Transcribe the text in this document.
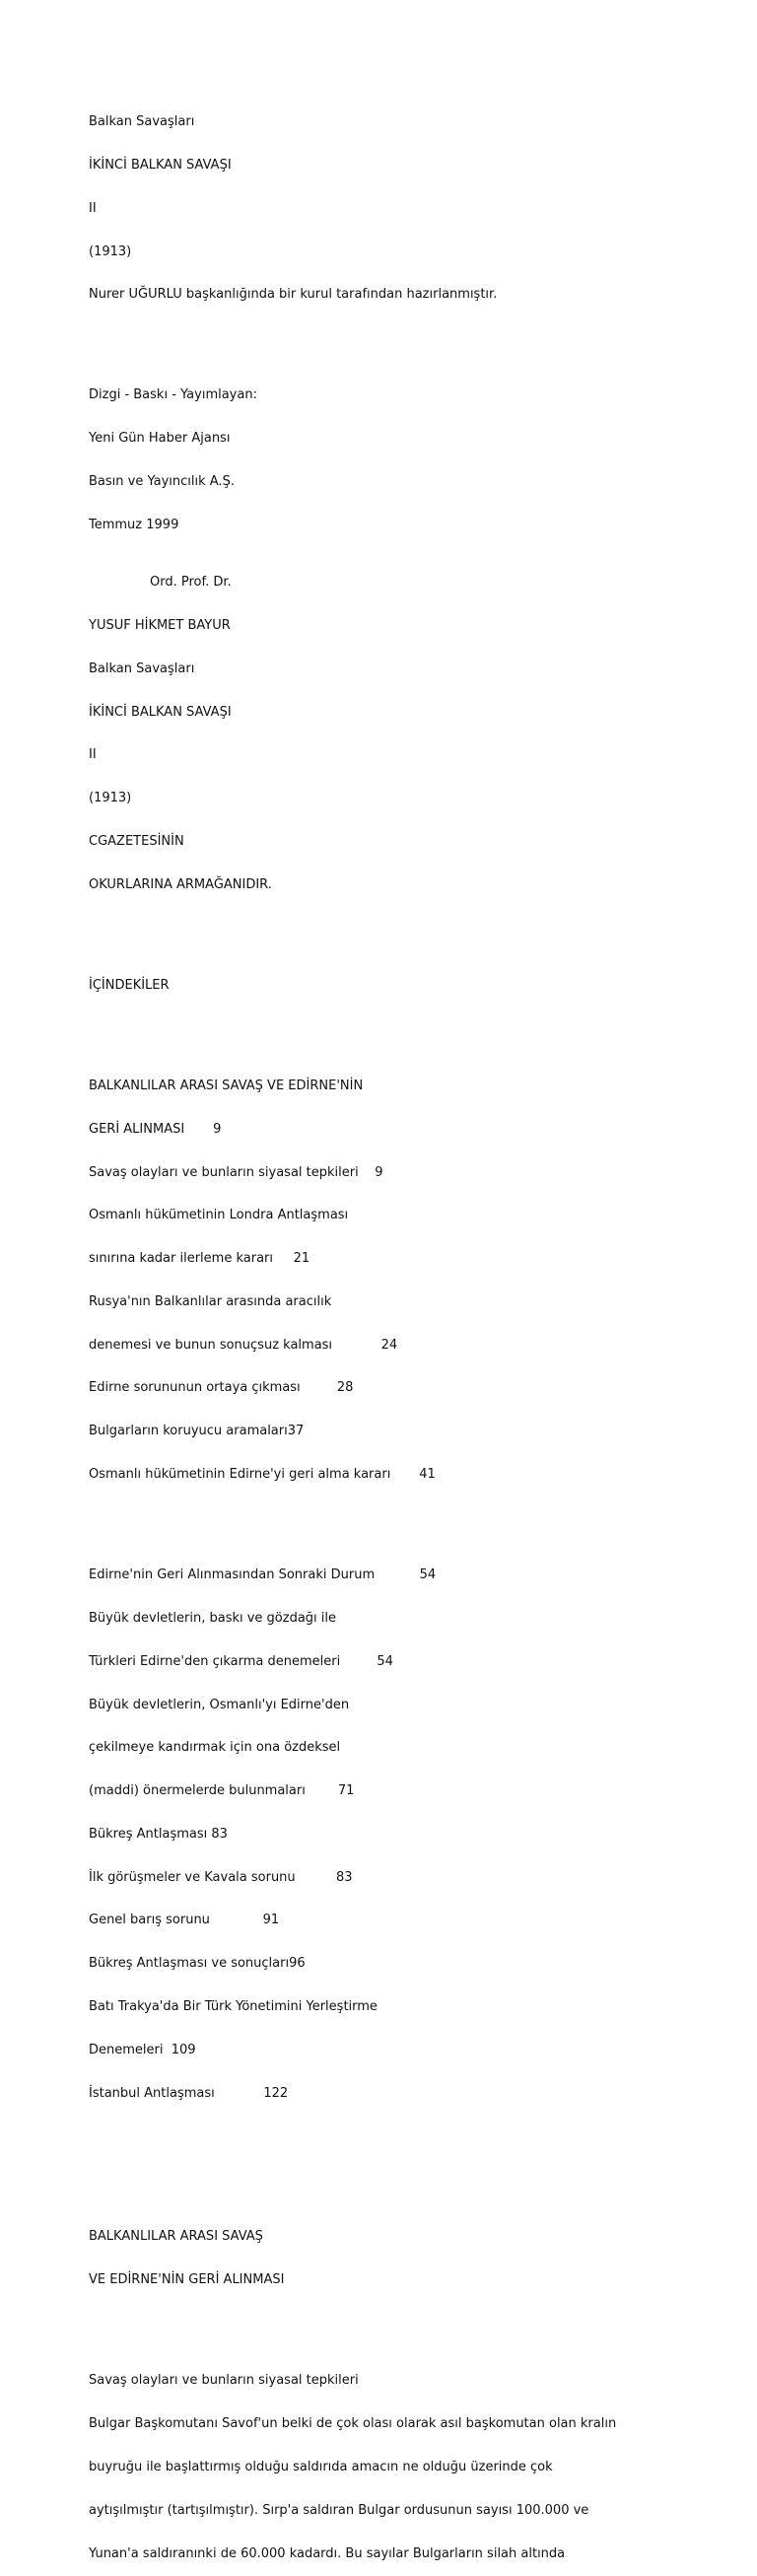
Balkan Savaşları

İKİNCİ BALKAN SAVAŞI

II

(1913)

Nurer UĞURLU başkanlığında bir kurul tarafından hazırlanmıştır.

Dizgi - Baskı - Yayımlayan:

Yeni Gün Haber Ajansı

Basın ve Yayıncılık A.Ş.

Temmuz 1999

Ord. Prof. Dr.

YUSUF HİKMET BAYUR

Balkan Savaşları

İKİNCİ BALKAN SAVAŞI

II

(1913)

CGAZETESİNİN

OKURLARINA ARMAĞANIDIR.

İÇİNDEKİLER

BALKANLILAR ARASI SAVAŞ VE EDİRNE'NİN

GERİ ALINMASI       9

Savaş olayları ve bunların siyasal tepkileri    9

Osmanlı hükümetinin Londra Antlaşması

sınırına kadar ilerleme kararı     21

Rusya'nın Balkanlılar arasında aracılık

denemesi ve bunun sonuçsuz kalması            24

Edirne sorununun ortaya çıkması         28

Bulgarların koruyucu aramaları37

Osmanlı hükümetinin Edirne'yi geri alma kararı       41

Edirne'nin Geri Alınmasından Sonraki Durum           54

Büyük devletlerin, baskı ve gözdağı ile

Türkleri Edirne'den çıkarma denemeleri         54

Büyük devletlerin, Osmanlı'yı Edirne'den

çekilmeye kandırmak için ona özdeksel

(maddi) önermelerde bulunmaları        71

Bükreş Antlaşması 83

İlk görüşmeler ve Kavala sorunu          83

Genel barış sorunu             91

Bükreş Antlaşması ve sonuçları96

Batı Trakya'da Bir Türk Yönetimini Yerleştirme

Denemeleri  109

İstanbul Antlaşması            122

BALKANLILAR ARASI SAVAŞ

VE EDİRNE'NİN GERİ ALINMASI

Savaş olayları ve bunların siyasal tepkileri

Bulgar Başkomutanı Savof'un belki de çok olası olarak asıl başkomutan olan kralın

buyruğu ile başlattırmış olduğu saldırıda amacın ne olduğu üzerinde çok

aytışılmıştır (tartışılmıştır). Sırp'a saldıran Bulgar ordusunun sayısı 100.000 ve

Yunan'a saldıranınki de 60.000 kadardı. Bu sayılar Bulgarların silah altında
